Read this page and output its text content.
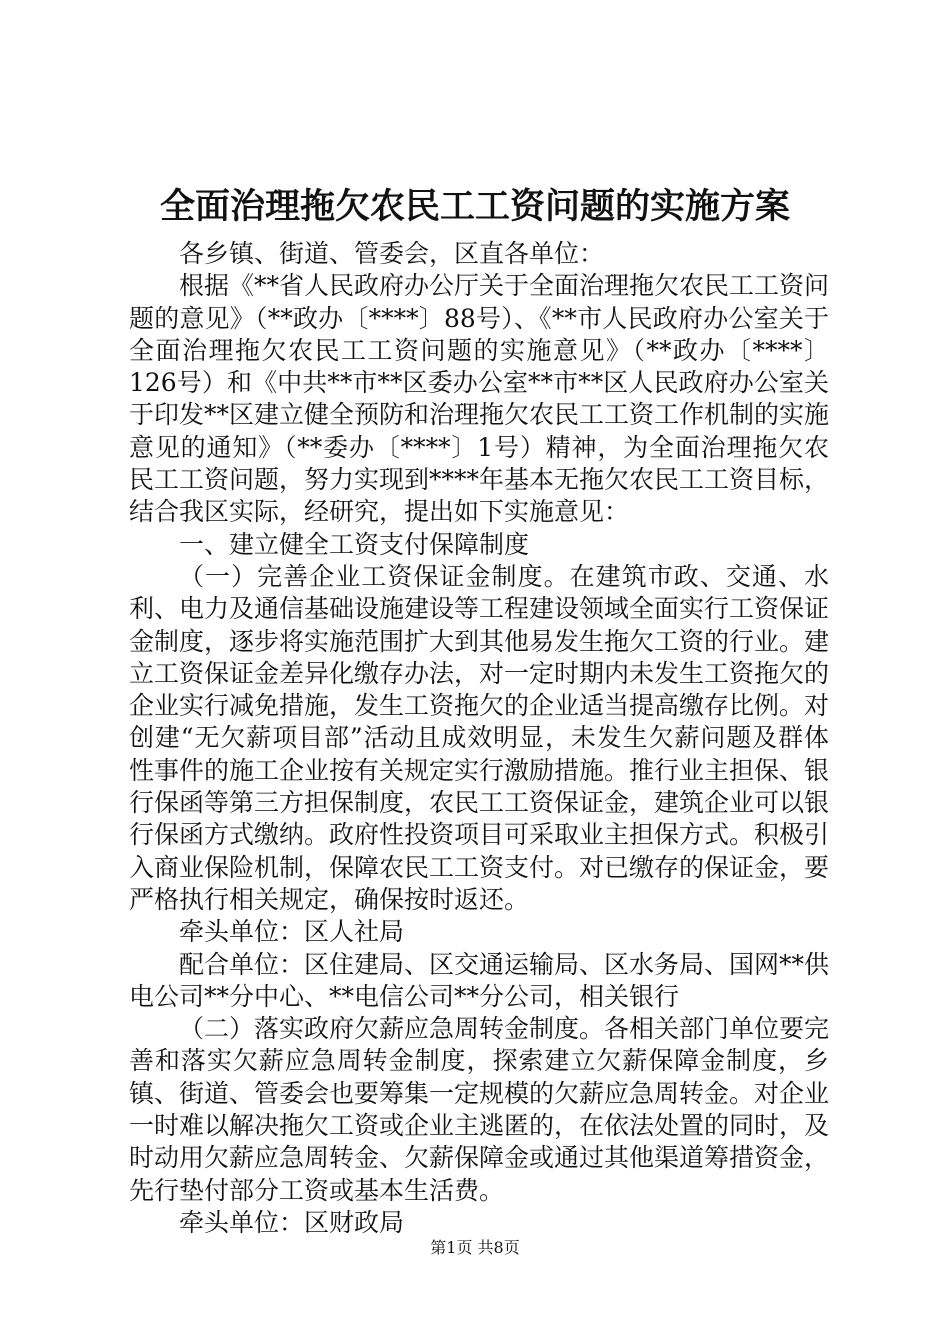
全面治理拖欠农民工工资问题的实施方案

各乡镇、街道、管委会，区直各单位：

根据《**省人民政府办公厅关于全面治理拖欠农民工工资问题的意见》（**政办〔****〕88号）、《**市人民政府办公室关于全面治理拖欠农民工工资问题的实施意见》（**政办〔****〕126号）和《中共**市**区委办公室**市**区人民政府办公室关于印发**区建立健全预防和治理拖欠农民工工资工作机制的实施意见的通知》（**委办〔****〕1号）精神，为全面治理拖欠农民工工资问题，努力实现到****年基本无拖欠农民工工资目标，结合我区实际，经研究，提出如下实施意见：

一、建立健全工资支付保障制度

（一）完善企业工资保证金制度。在建筑市政、交通、水利、电力及通信基础设施建设等工程建设领域全面实行工资保证金制度，逐步将实施范围扩大到其他易发生拖欠工资的行业。建立工资保证金差异化缴存办法，对一定时期内未发生工资拖欠的企业实行减免措施，发生工资拖欠的企业适当提高缴存比例。对创建“无欠薪项目部”活动且成效明显，未发生欠薪问题及群体性事件的施工企业按有关规定实行激励措施。推行业主担保、银行保函等第三方担保制度，农民工工资保证金，建筑企业可以银行保函方式缴纳。政府性投资项目可采取业主担保方式。积极引入商业保险机制，保障农民工工资支付。对已缴存的保证金，要严格执行相关规定，确保按时返还。

牵头单位：区人社局

配合单位：区住建局、区交通运输局、区水务局、国网**供电公司**分中心、**电信公司**分公司，相关银行

（二）落实政府欠薪应急周转金制度。各相关部门单位要完善和落实欠薪应急周转金制度，探索建立欠薪保障金制度，乡镇、街道、管委会也要筹集一定规模的欠薪应急周转金。对企业一时难以解决拖欠工资或企业主逃匿的，在依法处置的同时，及时动用欠薪应急周转金、欠薪保障金或通过其他渠道筹措资金，先行垫付部分工资或基本生活费。

牵头单位：区财政局

第1页 共8页
